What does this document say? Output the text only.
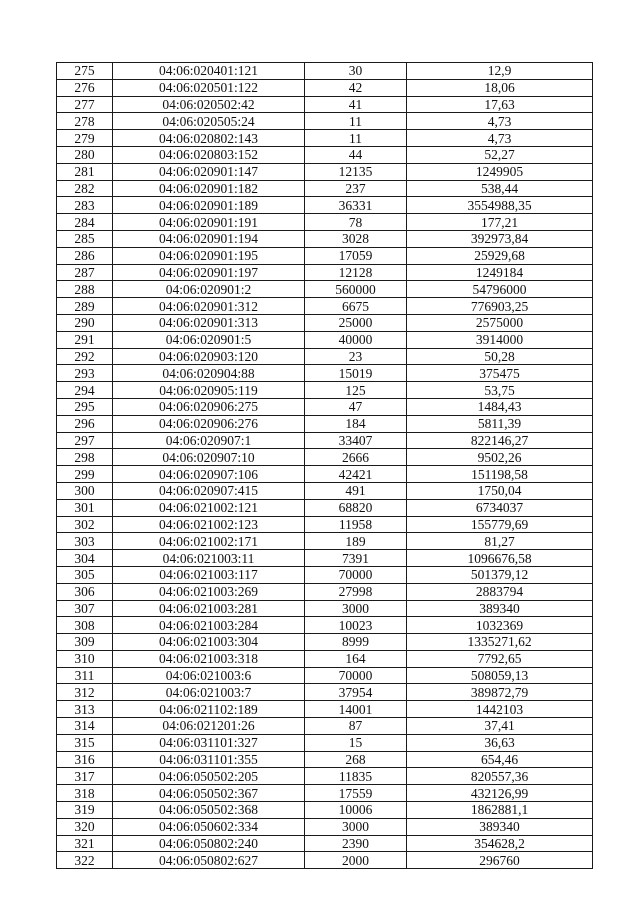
275	04:06:020401:121	30	12,9
276	04:06:020501:122	42	18,06
277	04:06:020502:42	41	17,63
278	04:06:020505:24	11	4,73
279	04:06:020802:143	11	4,73
280	04:06:020803:152	44	52,27
281	04:06:020901:147	12135	1249905
282	04:06:020901:182	237	538,44
283	04:06:020901:189	36331	3554988,35
284	04:06:020901:191	78	177,21
285	04:06:020901:194	3028	392973,84
286	04:06:020901:195	17059	25929,68
287	04:06:020901:197	12128	1249184
288	04:06:020901:2	560000	54796000
289	04:06:020901:312	6675	776903,25
290	04:06:020901:313	25000	2575000
291	04:06:020901:5	40000	3914000
292	04:06:020903:120	23	50,28
293	04:06:020904:88	15019	375475
294	04:06:020905:119	125	53,75
295	04:06:020906:275	47	1484,43
296	04:06:020906:276	184	5811,39
297	04:06:020907:1	33407	822146,27
298	04:06:020907:10	2666	9502,26
299	04:06:020907:106	42421	151198,58
300	04:06:020907:415	491	1750,04
301	04:06:021002:121	68820	6734037
302	04:06:021002:123	11958	155779,69
303	04:06:021002:171	189	81,27
304	04:06:021003:11	7391	1096676,58
305	04:06:021003:117	70000	501379,12
306	04:06:021003:269	27998	2883794
307	04:06:021003:281	3000	389340
308	04:06:021003:284	10023	1032369
309	04:06:021003:304	8999	1335271,62
310	04:06:021003:318	164	7792,65
311	04:06:021003:6	70000	508059,13
312	04:06:021003:7	37954	389872,79
313	04:06:021102:189	14001	1442103
314	04:06:021201:26	87	37,41
315	04:06:031101:327	15	36,63
316	04:06:031101:355	268	654,46
317	04:06:050502:205	11835	820557,36
318	04:06:050502:367	17559	432126,99
319	04:06:050502:368	10006	1862881,1
320	04:06:050602:334	3000	389340
321	04:06:050802:240	2390	354628,2
322	04:06:050802:627	2000	296760
